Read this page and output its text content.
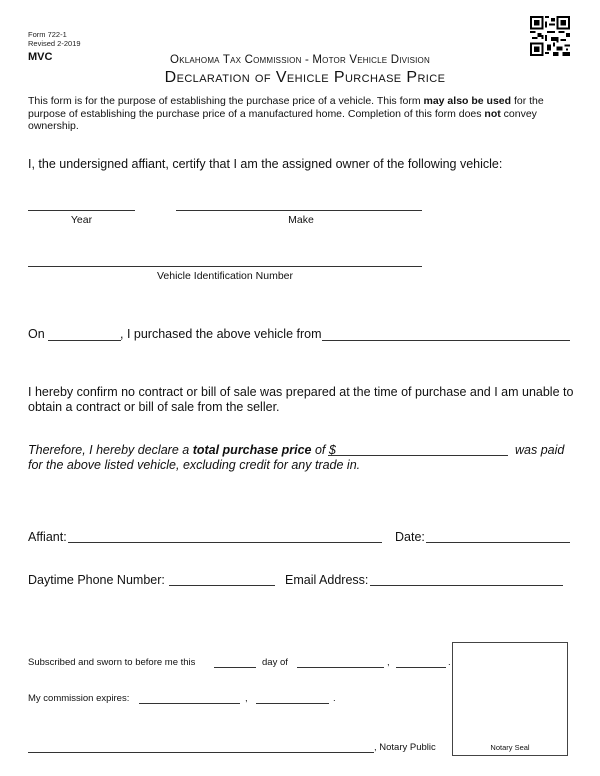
Form 722-1
Revised 2-2019
MVC	Oklahoma Tax Commission - Motor Vehicle Division
Declaration of Vehicle Purchase Price
This form is for the purpose of establishing the purchase price of a vehicle. This form may also be used for the purpose of establishing the purchase price of a manufactured home. Completion of this form does not convey ownership.
I, the undersigned affiant, certify that I am the assigned owner of the following vehicle:
Year	Make
Vehicle Identification Number
On	, I purchased the above vehicle from
I hereby confirm no contract or bill of sale was prepared at the time of purchase and I am unable to obtain a contract or bill of sale from the seller.
Therefore, I hereby declare a total purchase price of $	was paid
for the above listed vehicle, excluding credit for any trade in.
Affiant:	Date:
Daytime Phone Number:	Email Address:
Subscribed and sworn to before me this	day of	,	.
My commission expires:	,	.
, Notary Public	Notary Seal
